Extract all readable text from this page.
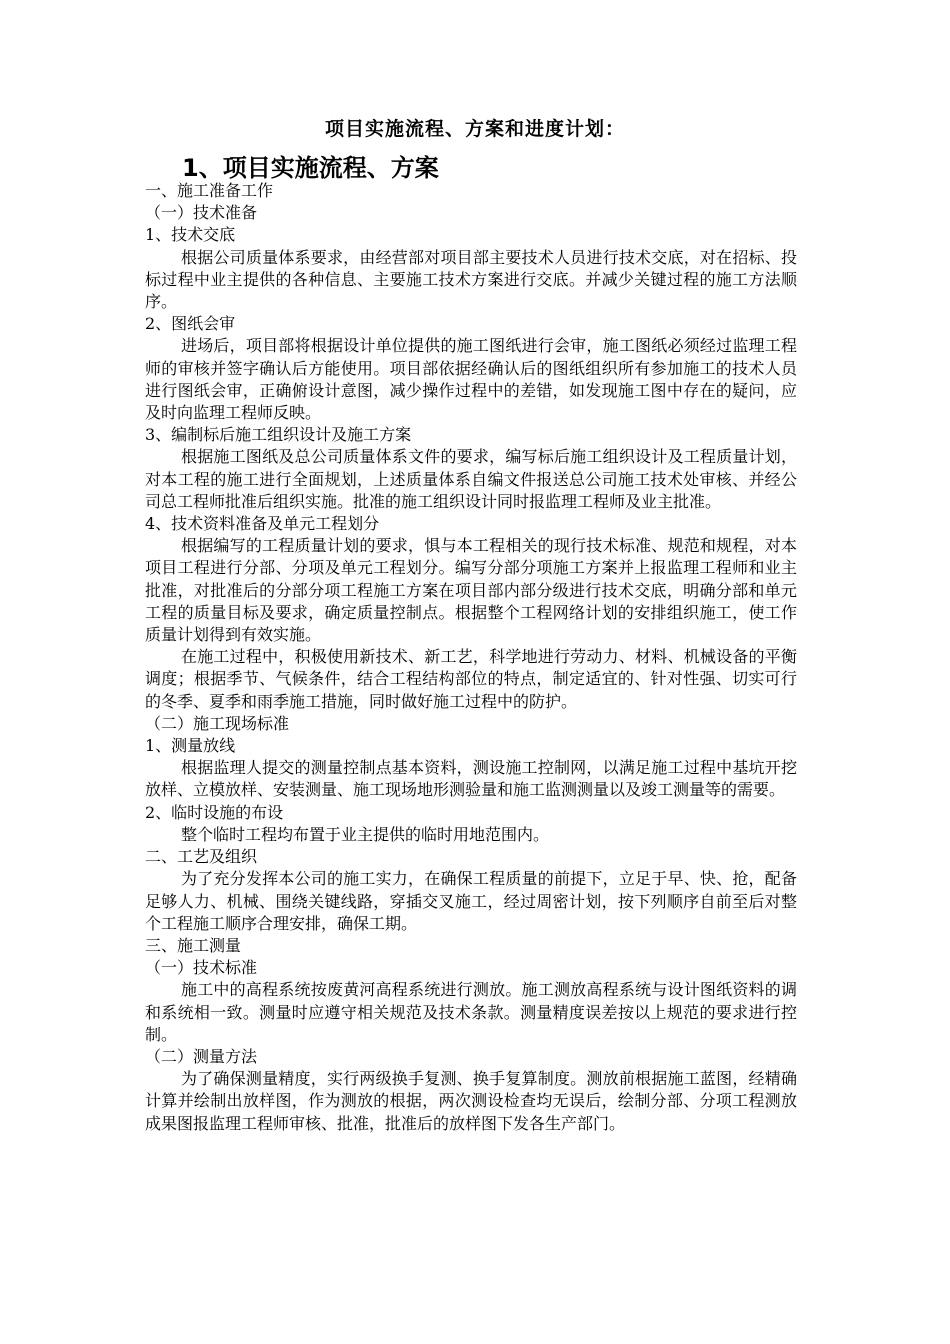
项目实施流程、方案和进度计划：
1、项目实施流程、方案

一、施工准备工作

（一）技术准备

1、技术交底

根据公司质量体系要求，由经营部对项目部主要技术人员进行技术交底，对在招标、投标过程中业主提供的各种信息、主要施工技术方案进行交底。并减少关键过程的施工方法顺序。

2、图纸会审

进场后，项目部将根据设计单位提供的施工图纸进行会审，施工图纸必须经过监理工程师的审核并签字确认后方能使用。项目部依据经确认后的图纸组织所有参加施工的技术人员进行图纸会审，正确俯设计意图，减少操作过程中的差错，如发现施工图中存在的疑问，应及时向监理工程师反映。

3、编制标后施工组织设计及施工方案

根据施工图纸及总公司质量体系文件的要求，编写标后施工组织设计及工程质量计划，对本工程的施工进行全面规划，上述质量体系自编文件报送总公司施工技术处审核、并经公司总工程师批准后组织实施。批准的施工组织设计同时报监理工程师及业主批准。

4、技术资料准备及单元工程划分

根据编写的工程质量计划的要求，惧与本工程相关的现行技术标准、规范和规程，对本项目工程进行分部、分项及单元工程划分。编写分部分项施工方案并上报监理工程师和业主批准，对批准后的分部分项工程施工方案在项目部内部分级进行技术交底，明确分部和单元工程的质量目标及要求，确定质量控制点。根据整个工程网络计划的安排组织施工，使工作质量计划得到有效实施。

在施工过程中，积极使用新技术、新工艺，科学地进行劳动力、材料、机械设备的平衡调度；根据季节、气候条件，结合工程结构部位的特点，制定适宜的、针对性强、切实可行的冬季、夏季和雨季施工措施，同时做好施工过程中的防护。

（二）施工现场标准

1、测量放线

根据监理人提交的测量控制点基本资料，测设施工控制网，以满足施工过程中基坑开挖放样、立模放样、安装测量、施工现场地形测验量和施工监测测量以及竣工测量等的需要。

2、临时设施的布设

整个临时工程均布置于业主提供的临时用地范围内。

二、工艺及组织

为了充分发挥本公司的施工实力，在确保工程质量的前提下，立足于早、快、抢，配备足够人力、机械、围绕关键线路，穿插交叉施工，经过周密计划，按下列顺序自前至后对整个工程施工顺序合理安排，确保工期。

三、施工测量

（一）技术标准

施工中的高程系统按废黄河高程系统进行测放。施工测放高程系统与设计图纸资料的调和系统相一致。测量时应遵守相关规范及技术条款。测量精度误差按以上规范的要求进行控制。

（二）测量方法

为了确保测量精度，实行两级换手复测、换手复算制度。测放前根据施工蓝图，经精确计算并绘制出放样图，作为测放的根据，两次测设检查均无误后，绘制分部、分项工程测放成果图报监理工程师审核、批准，批准后的放样图下发各生产部门。
